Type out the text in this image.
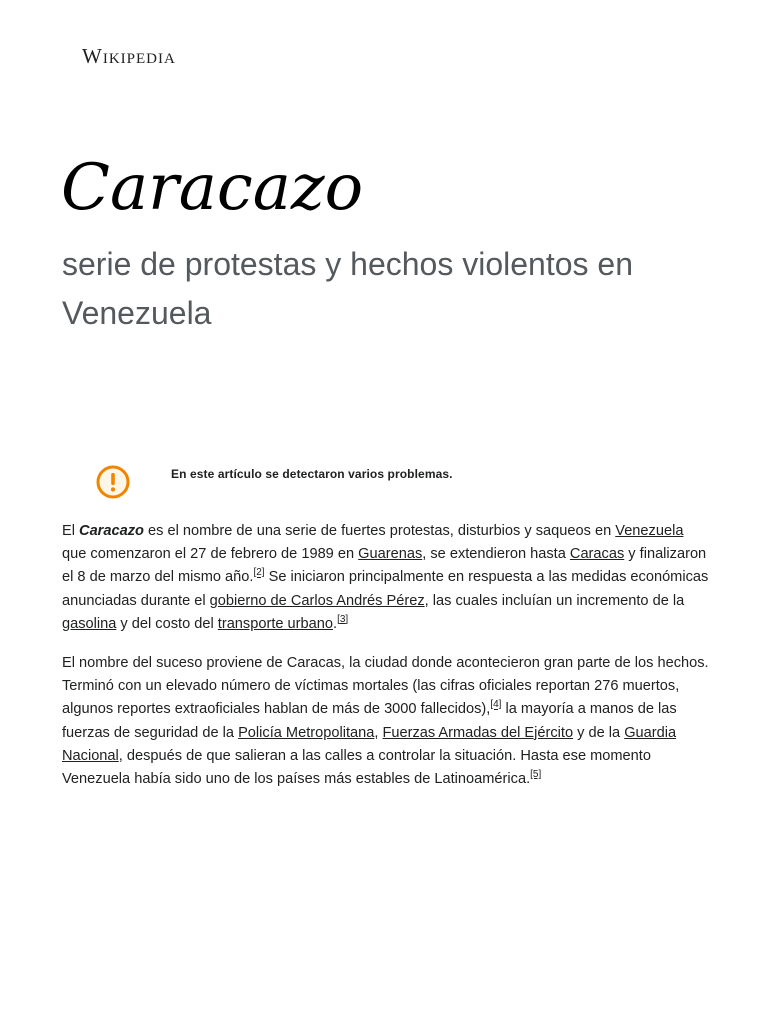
Wikipedia
Caracazo

serie de protestas y hechos violentos en Venezuela

En este artículo se detectaron varios problemas.

El Caracazo es el nombre de una serie de fuertes protestas, disturbios y saqueos en Venezuela que comenzaron el 27 de febrero de 1989 en Guarenas, se extendieron hasta Caracas y finalizaron el 8 de marzo del mismo año.[2] Se iniciaron principalmente en respuesta a las medidas económicas anunciadas durante el gobierno de Carlos Andrés Pérez, las cuales incluían un incremento de la gasolina y del costo del transporte urbano.[3]

El nombre del suceso proviene de Caracas, la ciudad donde acontecieron gran parte de los hechos. Terminó con un elevado número de víctimas mortales (las cifras oficiales reportan 276 muertos, algunos reportes extraoficiales hablan de más de 3000 fallecidos),[4] la mayoría a manos de las fuerzas de seguridad de la Policía Metropolitana, Fuerzas Armadas del Ejército y de la Guardia Nacional, después de que salieran a las calles a controlar la situación. Hasta ese momento Venezuela había sido uno de los países más estables de Latinoamérica.[5]
